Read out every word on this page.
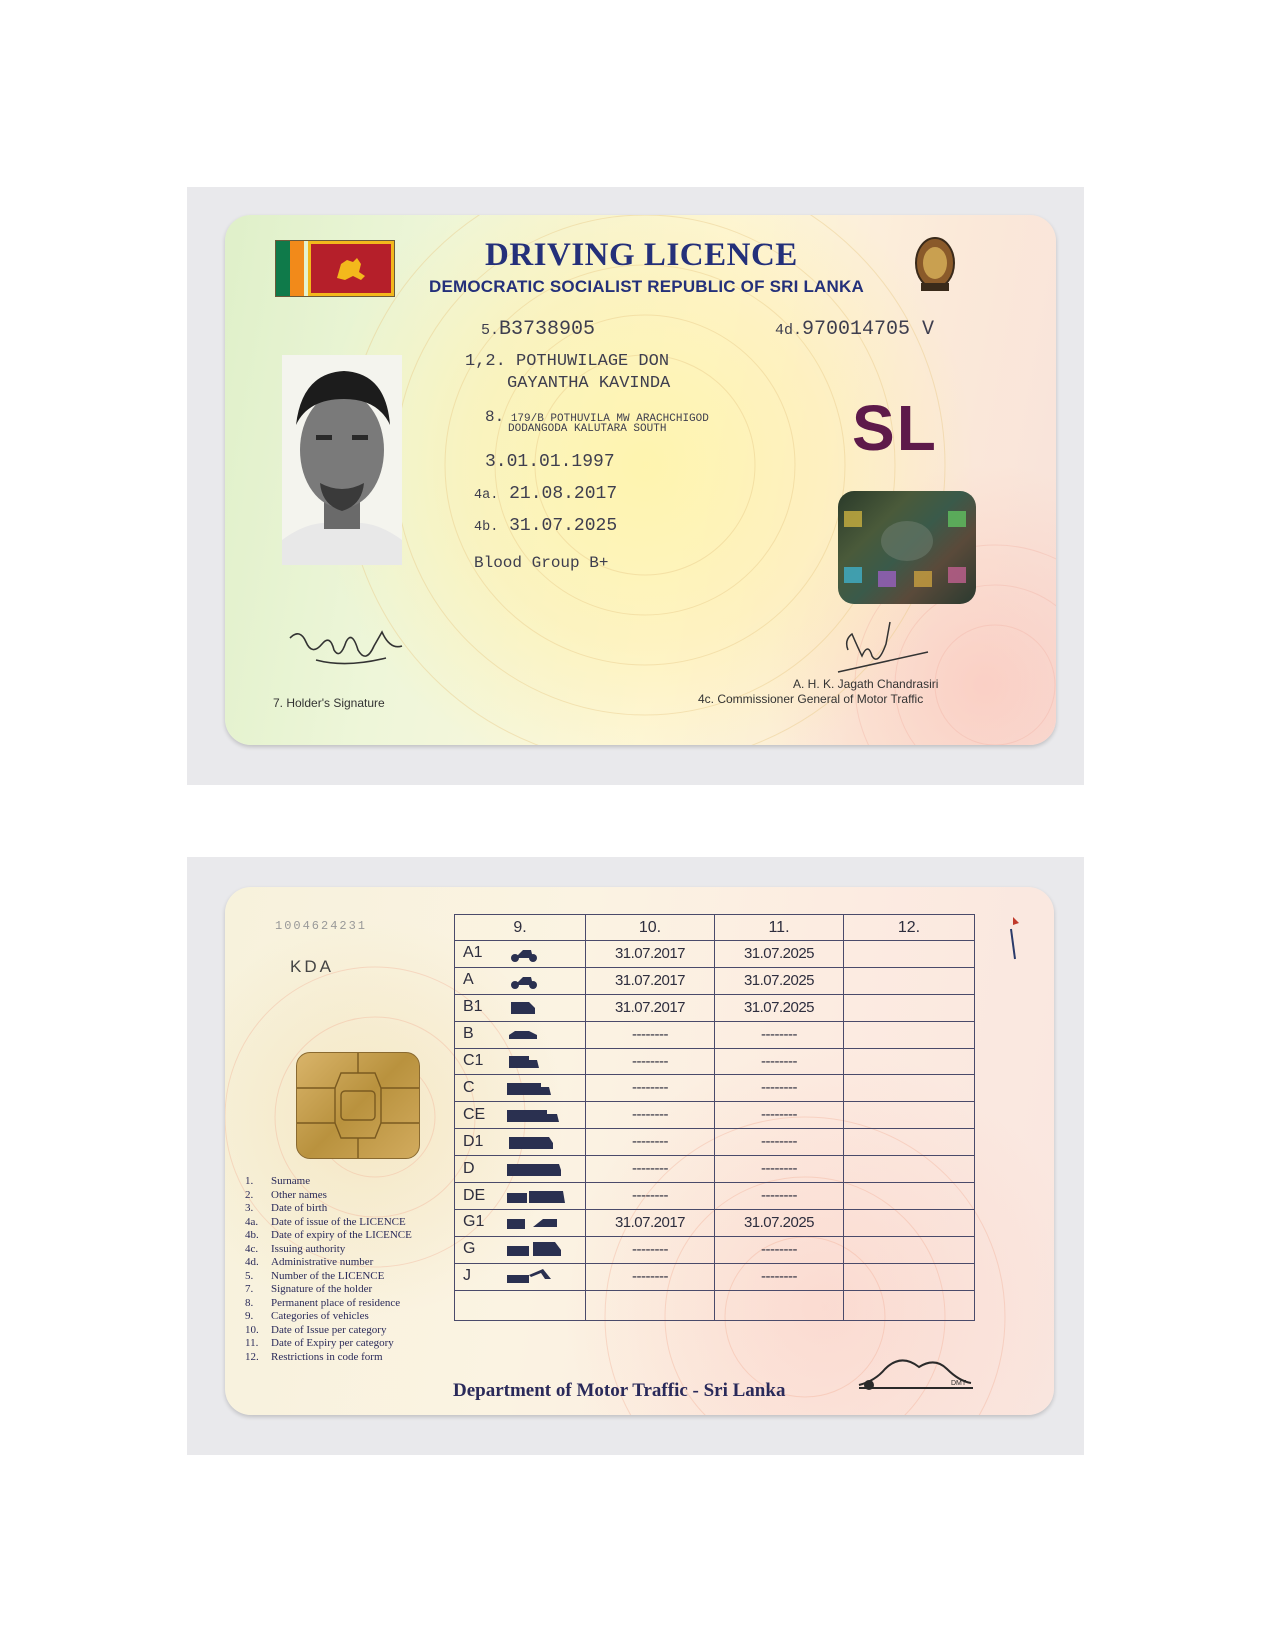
DRIVING LICENCE
DEMOCRATIC SOCIALIST REPUBLIC OF SRI LANKA
5.B3738905	4d.970014705 V
1,2. POTHUWILAGE DON
GAYANTHA KAVINDA
8. 179/B POTHUVILA MW ARACHCHIGOD
DODANGODA KALUTARA SOUTH
3.01.01.1997
4a. 21.08.2017
4b. 31.07.2025
Blood Group B+
SL
7. Holder's Signature
A. H. K. Jagath Chandrasiri
4c. Commissioner General of Motor Traffic
1004624231
KDA
1.	Surname
2.	Other names
3.	Date of birth
4a.	Date of issue of the LICENCE
4b.	Date of expiry of the LICENCE
4c.	Issuing authority
4d.	Administrative number
5.	Number of the LICENCE
7.	Signature of the holder
8.	Permanent place of residence
9.	Categories of vehicles
10.	Date of Issue per category
11.	Date of Expiry per category
12.	Restrictions in code form
9.	10.	11.	12.
A1	31.07.2017	31.07.2025
A	31.07.2017	31.07.2025
B1	31.07.2017	31.07.2025
B	--------	--------
C1	--------	--------
C	--------	--------
CE	--------	--------
D1	--------	--------
D	--------	--------
DE	--------	--------
G1	31.07.2017	31.07.2025
G	--------	--------
J	--------	--------
Department of Motor Traffic - Sri Lanka	DMT
